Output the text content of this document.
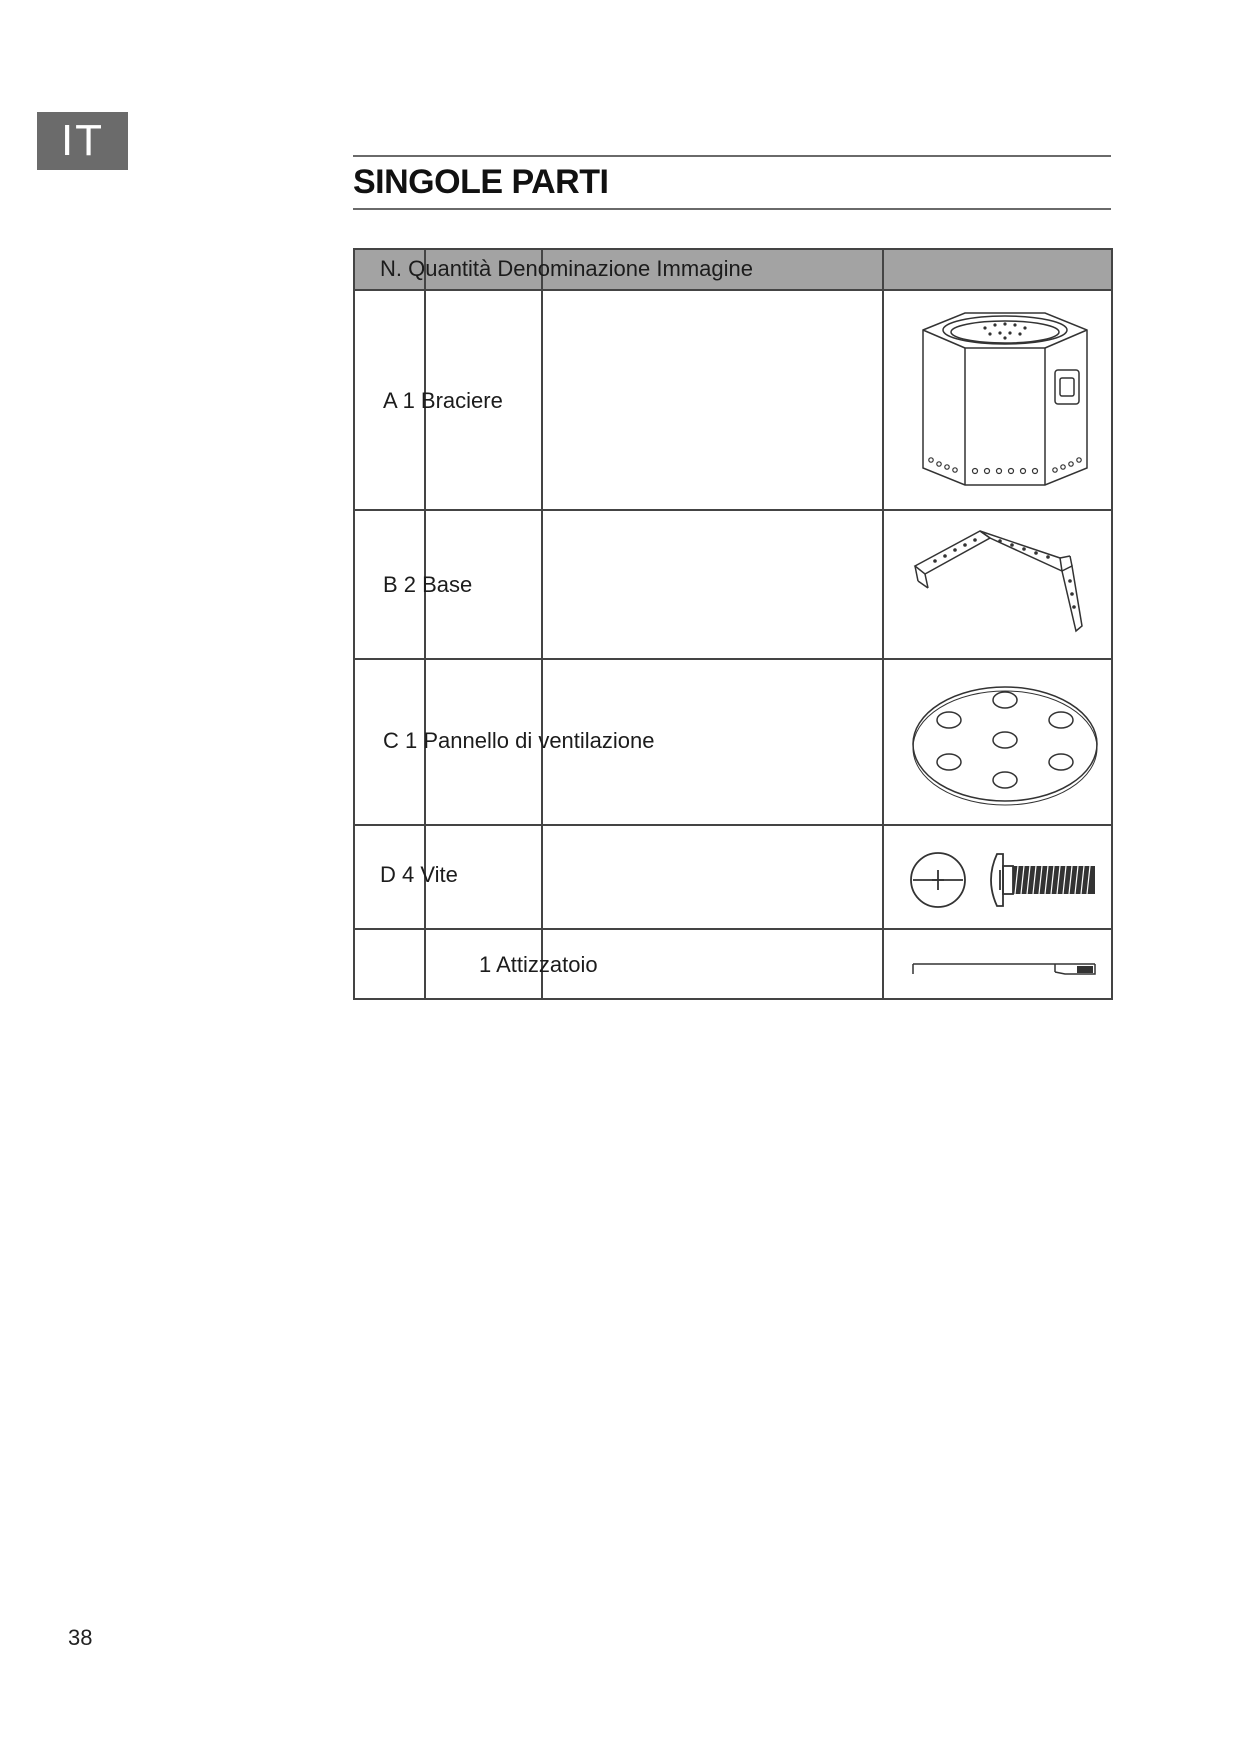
IT
SINGOLE PARTI
N. Quantità Denominazione Immagine
A 1 Braciere
B 2 Base
C 1 Pannello di ventilazione
D 4 Vite
1 Attizzatoio
38
